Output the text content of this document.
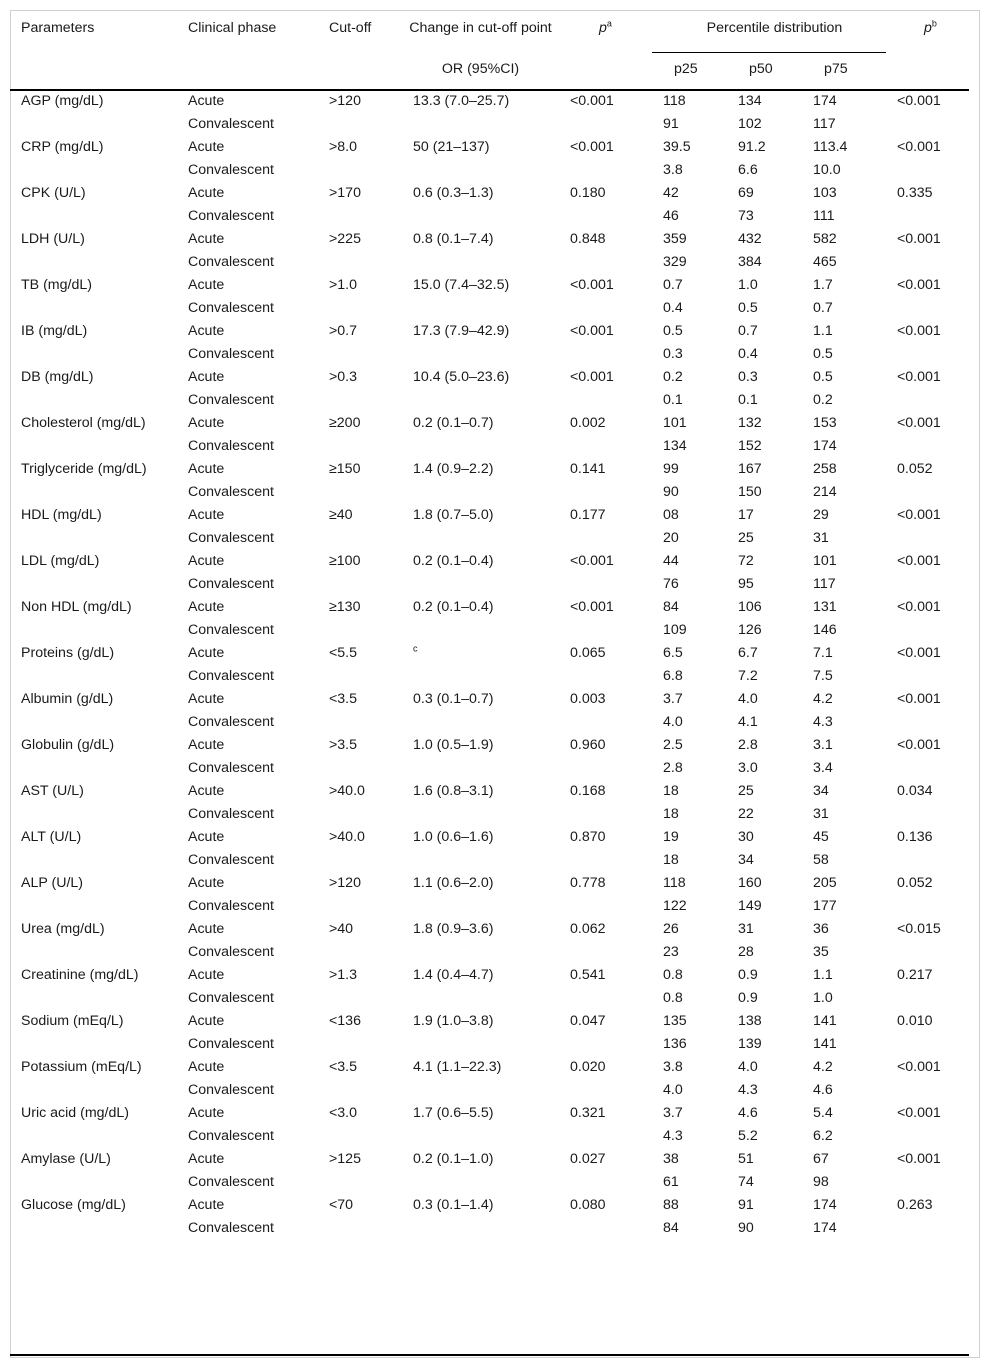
Parameters	Clinical phase	Cut-off	Change in cut-off point	$p^a$	Percentile distribution			$p^b$
			OR (95%CI)		p25	p50	p75	
AGP (mg/dL)	Acute	>120	13.3 (7.0–25.7)	<0.001	118	134	174	<0.001
	Convalescent				91	102	117	
CRP (mg/dL)	Acute	>8.0	50 (21–137)	<0.001	39.5	91.2	113.4	<0.001
	Convalescent				3.8	6.6	10.0	
CPK (U/L)	Acute	>170	0.6 (0.3–1.3)	0.180	42	69	103	0.335
	Convalescent				46	73	111	
LDH (U/L)	Acute	>225	0.8 (0.1–7.4)	0.848	359	432	582	<0.001
	Convalescent				329	384	465	
TB (mg/dL)	Acute	>1.0	15.0 (7.4–32.5)	<0.001	0.7	1.0	1.7	<0.001
	Convalescent				0.4	0.5	0.7	
IB (mg/dL)	Acute	>0.7	17.3 (7.9–42.9)	<0.001	0.5	0.7	1.1	<0.001
	Convalescent				0.3	0.4	0.5	
DB (mg/dL)	Acute	>0.3	10.4 (5.0–23.6)	<0.001	0.2	0.3	0.5	<0.001
	Convalescent				0.1	0.1	0.2	
Cholesterol (mg/dL)	Acute	≥200	0.2 (0.1–0.7)	0.002	101	132	153	<0.001
	Convalescent				134	152	174	
Triglyceride (mg/dL)	Acute	≥150	1.4 (0.9–2.2)	0.141	99	167	258	0.052
	Convalescent				90	150	214	
HDL (mg/dL)	Acute	≥40	1.8 (0.7–5.0)	0.177	08	17	29	<0.001
	Convalescent				20	25	31	
LDL (mg/dL)	Acute	≥100	0.2 (0.1–0.4)	<0.001	44	72	101	<0.001
	Convalescent				76	95	117	
Non HDL (mg/dL)	Acute	≥130	0.2 (0.1–0.4)	<0.001	84	106	131	<0.001
	Convalescent				109	126	146	
Proteins (g/dL)	Acute	<5.5	$^c$	0.065	6.5	6.7	7.1	<0.001
	Convalescent				6.8	7.2	7.5	
Albumin (g/dL)	Acute	<3.5	0.3 (0.1–0.7)	0.003	3.7	4.0	4.2	<0.001
	Convalescent				4.0	4.1	4.3	
Globulin (g/dL)	Acute	>3.5	1.0 (0.5–1.9)	0.960	2.5	2.8	3.1	<0.001
	Convalescent				2.8	3.0	3.4	
AST (U/L)	Acute	>40.0	1.6 (0.8–3.1)	0.168	18	25	34	0.034
	Convalescent				18	22	31	
ALT (U/L)	Acute	>40.0	1.0 (0.6–1.6)	0.870	19	30	45	0.136
	Convalescent				18	34	58	
ALP (U/L)	Acute	>120	1.1 (0.6–2.0)	0.778	118	160	205	0.052
	Convalescent				122	149	177	
Urea (mg/dL)	Acute	>40	1.8 (0.9–3.6)	0.062	26	31	36	<0.015
	Convalescent				23	28	35	
Creatinine (mg/dL)	Acute	>1.3	1.4 (0.4–4.7)	0.541	0.8	0.9	1.1	0.217
	Convalescent				0.8	0.9	1.0	
Sodium (mEq/L)	Acute	<136	1.9 (1.0–3.8)	0.047	135	138	141	0.010
	Convalescent				136	139	141	
Potassium (mEq/L)	Acute	<3.5	4.1 (1.1–22.3)	0.020	3.8	4.0	4.2	<0.001
	Convalescent				4.0	4.3	4.6	
Uric acid (mg/dL)	Acute	<3.0	1.7 (0.6–5.5)	0.321	3.7	4.6	5.4	<0.001
	Convalescent				4.3	5.2	6.2	
Amylase (U/L)	Acute	>125	0.2 (0.1–1.0)	0.027	38	51	67	<0.001
	Convalescent				61	74	98	
Glucose (mg/dL)	Acute	<70	0.3 (0.1–1.4)	0.080	88	91	174	0.263
	Convalescent				84	90	174	
